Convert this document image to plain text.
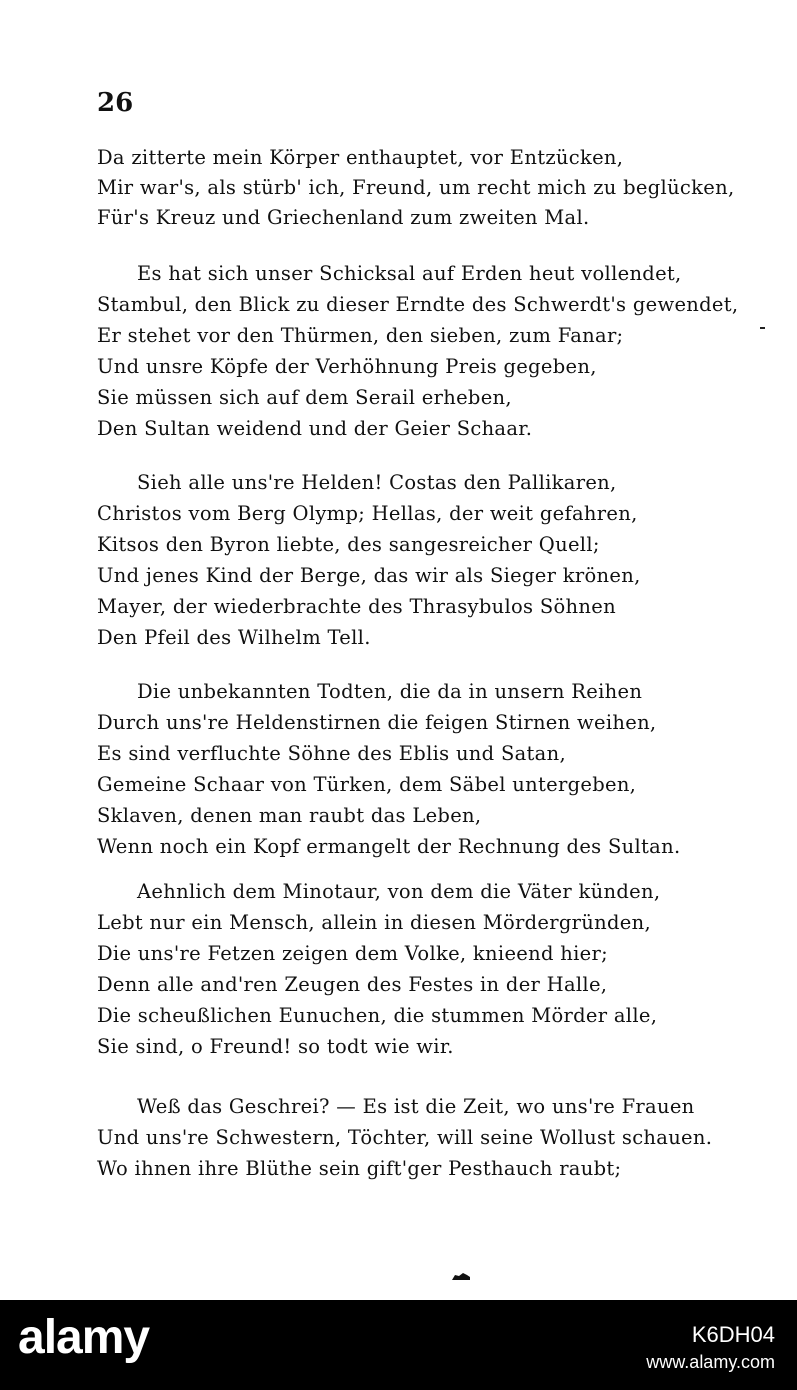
26
Da zitterte mein Körper enthauptet, vor Entzücken,
Mir war's, als stürb' ich, Freund, um recht mich zu beglücken,
Für's Kreuz und Griechenland zum zweiten Mal.
Es hat sich unser Schicksal auf Erden heut vollendet,
Stambul, den Blick zu dieser Erndte des Schwerdt's gewendet,
Er stehet vor den Thürmen, den sieben, zum Fanar;
Und unsre Köpfe der Verhöhnung Preis gegeben,
Sie müssen sich auf dem Serail erheben,
Den Sultan weidend und der Geier Schaar.
Sieh alle uns're Helden! Costas den Pallikaren,
Christos vom Berg Olymp; Hellas, der weit gefahren,
Kitsos den Byron liebte, des sangesreicher Quell;
Und jenes Kind der Berge, das wir als Sieger krönen,
Mayer, der wiederbrachte des Thrasybulos Söhnen
Den Pfeil des Wilhelm Tell.
Die unbekannten Todten, die da in unsern Reihen
Durch uns're Heldenstirnen die feigen Stirnen weihen,
Es sind verfluchte Söhne des Eblis und Satan,
Gemeine Schaar von Türken, dem Säbel untergeben,
Sklaven, denen man raubt das Leben,
Wenn noch ein Kopf ermangelt der Rechnung des Sultan.
Aehnlich dem Minotaur, von dem die Väter künden,
Lebt nur ein Mensch, allein in diesen Mördergründen,
Die uns're Fetzen zeigen dem Volke, knieend hier;
Denn alle and'ren Zeugen des Festes in der Halle,
Die scheußlichen Eunuchen, die stummen Mörder alle,
Sie sind, o Freund! so todt wie wir.
Weß das Geschrei? — Es ist die Zeit, wo uns're Frauen
Und uns're Schwestern, Töchter, will seine Wollust schauen.
Wo ihnen ihre Blüthe sein gift'ger Pesthauch raubt;
alamy	K6DH04
www.alamy.com
